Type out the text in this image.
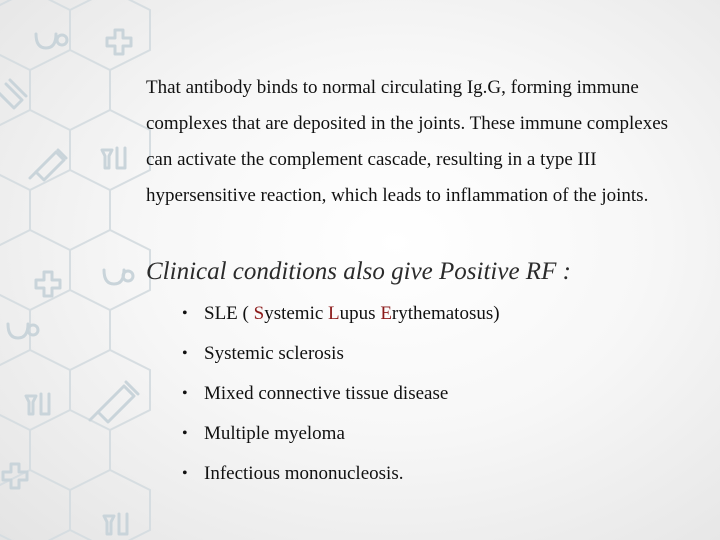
That antibody binds to normal circulating Ig.G, forming immune complexes that are deposited in the joints. These immune complexes can activate the complement cascade, resulting in a type III hypersensitive reaction, which leads to inflammation of the joints.
Clinical conditions also give Positive RF :
• SLE ( Systemic Lupus Erythematosus)
• Systemic sclerosis
• Mixed connective tissue disease
• Multiple myeloma
• Infectious mononucleosis.
